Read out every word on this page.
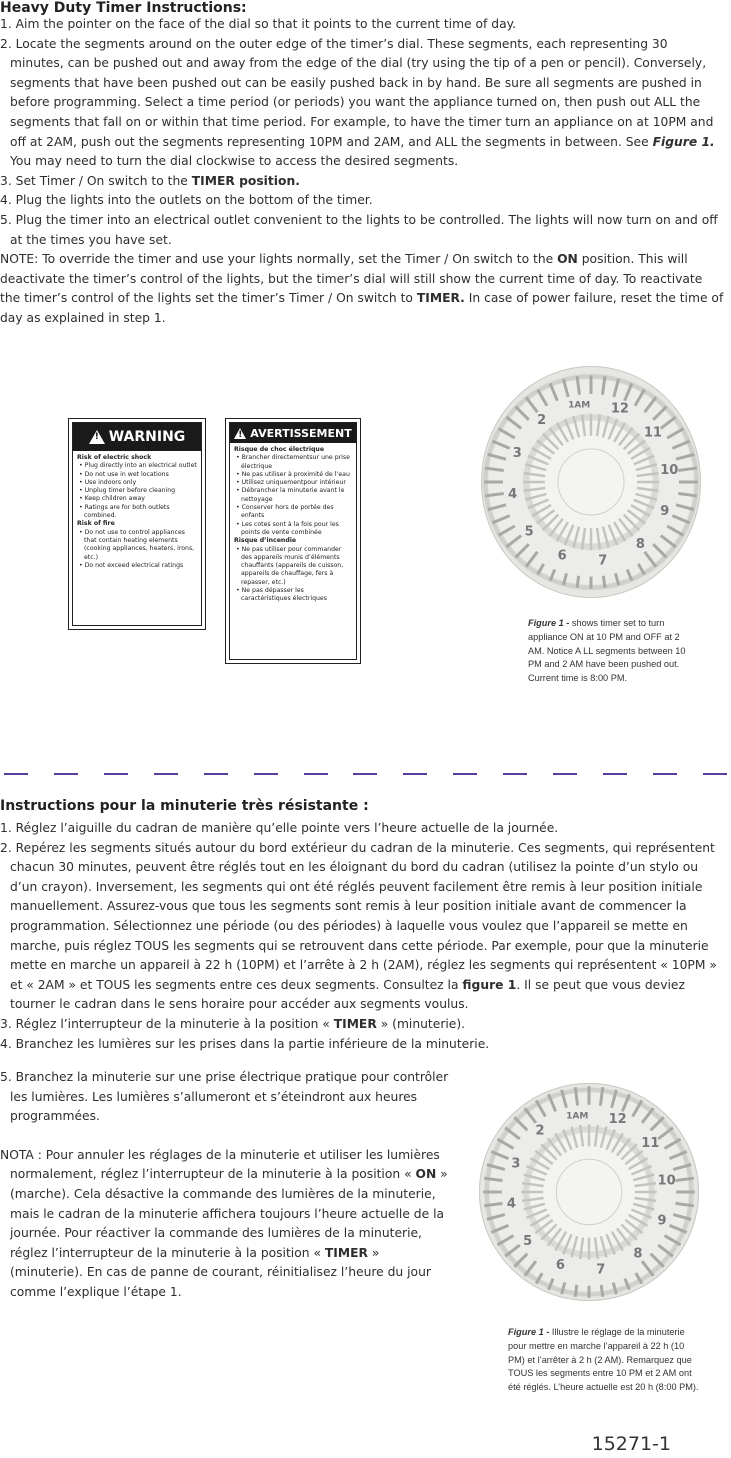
Heavy Duty Timer Instructions:
1. Aim the pointer on the face of the dial so that it points to the current time of day.
2. Locate the segments around on the outer edge of the timer’s dial. These segments, each representing 30 minutes, can be pushed out and away from the edge of the dial (try using the tip of a pen or pencil). Conversely, segments that have been pushed out can be easily pushed back in by hand. Be sure all segments are pushed in before programming. Select a time period (or periods) you want the appliance turned on, then push out ALL the segments that fall on or within that time period. For example, to have the timer turn an appliance on at 10PM and off at 2AM, push out the segments representing 10PM and 2AM, and ALL the segments in between. See Figure 1. You may need to turn the dial clockwise to access the desired segments.
3. Set Timer / On switch to the TIMER position.
4. Plug the lights into the outlets on the bottom of the timer.
5. Plug the timer into an electrical outlet convenient to the lights to be controlled. The lights will now turn on and off at the times you have set.
NOTE: To override the timer and use your lights normally, set the Timer / On switch to the ON position. This will deactivate the timer’s control of the lights, but the timer’s dial will still show the current time of day. To reactivate the timer’s control of the lights set the timer’s Timer / On switch to TIMER. In case of power failure, reset the time of day as explained in step 1.
!
WARNING
Risk of electric shock
• Plug directly into an electrical outlet
• Do not use in wet locations
• Use indoors only
• Unplug timer before cleaning
• Keep children away
• Ratings are for both outlets combined.
Risk of fire
• Do not use to control appliances that contain heating elements (cooking appliances, heaters, irons, etc.)
• Do not exceed electrical ratings
!
AVERTISSEMENT
Risque de choc électrique
• Brancher directementsur une prise électrique
• Ne pas utiliser à proximité de l’eau
• Utilisez uniquementpour intérieur
• Débrancher la minuterie avant le nettoyage
• Conserver hors de portée des enfants
• Les cotes sont à la fois pour les points de vente combinée
Risque d’incendie
• Ne pas utiliser pour commander des appareils munis d’éléments chauffants (appareils de cuisson, appareils de chauffage, fers à repasser, etc.)
• Ne pas dépasser les caractéristiques électriques
1AM 12
11
10
9
8
7
6
5
4
3
2
Figure 1 - shows timer set to turn appliance ON at 10 PM and OFF at 2 AM. Notice A LL segments between 10 PM and 2 AM have been pushed out. Current time is 8:00 PM.
Instructions pour la minuterie très résistante :
1. Réglez l’aiguille du cadran de manière qu’elle pointe vers l’heure actuelle de la journée.
2. Repérez les segments situés autour du bord extérieur du cadran de la minuterie. Ces segments, qui représentent chacun 30 minutes, peuvent être réglés tout en les éloignant du bord du cadran (utilisez la pointe d’un stylo ou d’un crayon). Inversement, les segments qui ont été réglés peuvent facilement être remis à leur position initiale manuellement. Assurez-vous que tous les segments sont remis à leur position initiale avant de commencer la programmation. Sélectionnez une période (ou des périodes) à laquelle vous voulez que l’appareil se mette en marche, puis réglez TOUS les segments qui se retrouvent dans cette période. Par exemple, pour que la minuterie mette en marche un appareil à 22 h (10PM) et l’arrête à 2 h (2AM), réglez les segments qui représentent « 10PM » et « 2AM » et TOUS les segments entre ces deux segments. Consultez la figure 1. Il se peut que vous deviez tourner le cadran dans le sens horaire pour accéder aux segments voulus.
3. Réglez l’interrupteur de la minuterie à la position « TIMER » (minuterie).
4. Branchez les lumières sur les prises dans la partie inférieure de la minuterie.
5. Branchez la minuterie sur une prise électrique pratique pour contrôler les lumières. Les lumières s’allumeront et s’éteindront aux heures programmées.
NOTA : Pour annuler les réglages de la minuterie et utiliser les lumières normalement, réglez l’interrupteur de la minuterie à la position « ON » (marche). Cela désactive la commande des lumières de la minuterie, mais le cadran de la minuterie affichera toujours l’heure actuelle de la journée. Pour réactiver la commande des lumières de la minuterie, réglez l’interrupteur de la minuterie à la position « TIMER » (minuterie). En cas de panne de courant, réinitialisez l’heure du jour comme l’explique l’étape 1.
1AM 12
11
10
9
8
7
6
5
4
3
2
Figure 1 - Illustre le réglage de la minuterie pour mettre en marche l’appareil à 22 h (10 PM) et l’arrêter à 2 h (2 AM). Remarquez que TOUS les segments entre 10 PM et 2 AM ont été réglés. L’heure actuelle est 20 h (8:00 PM).
15271-1
